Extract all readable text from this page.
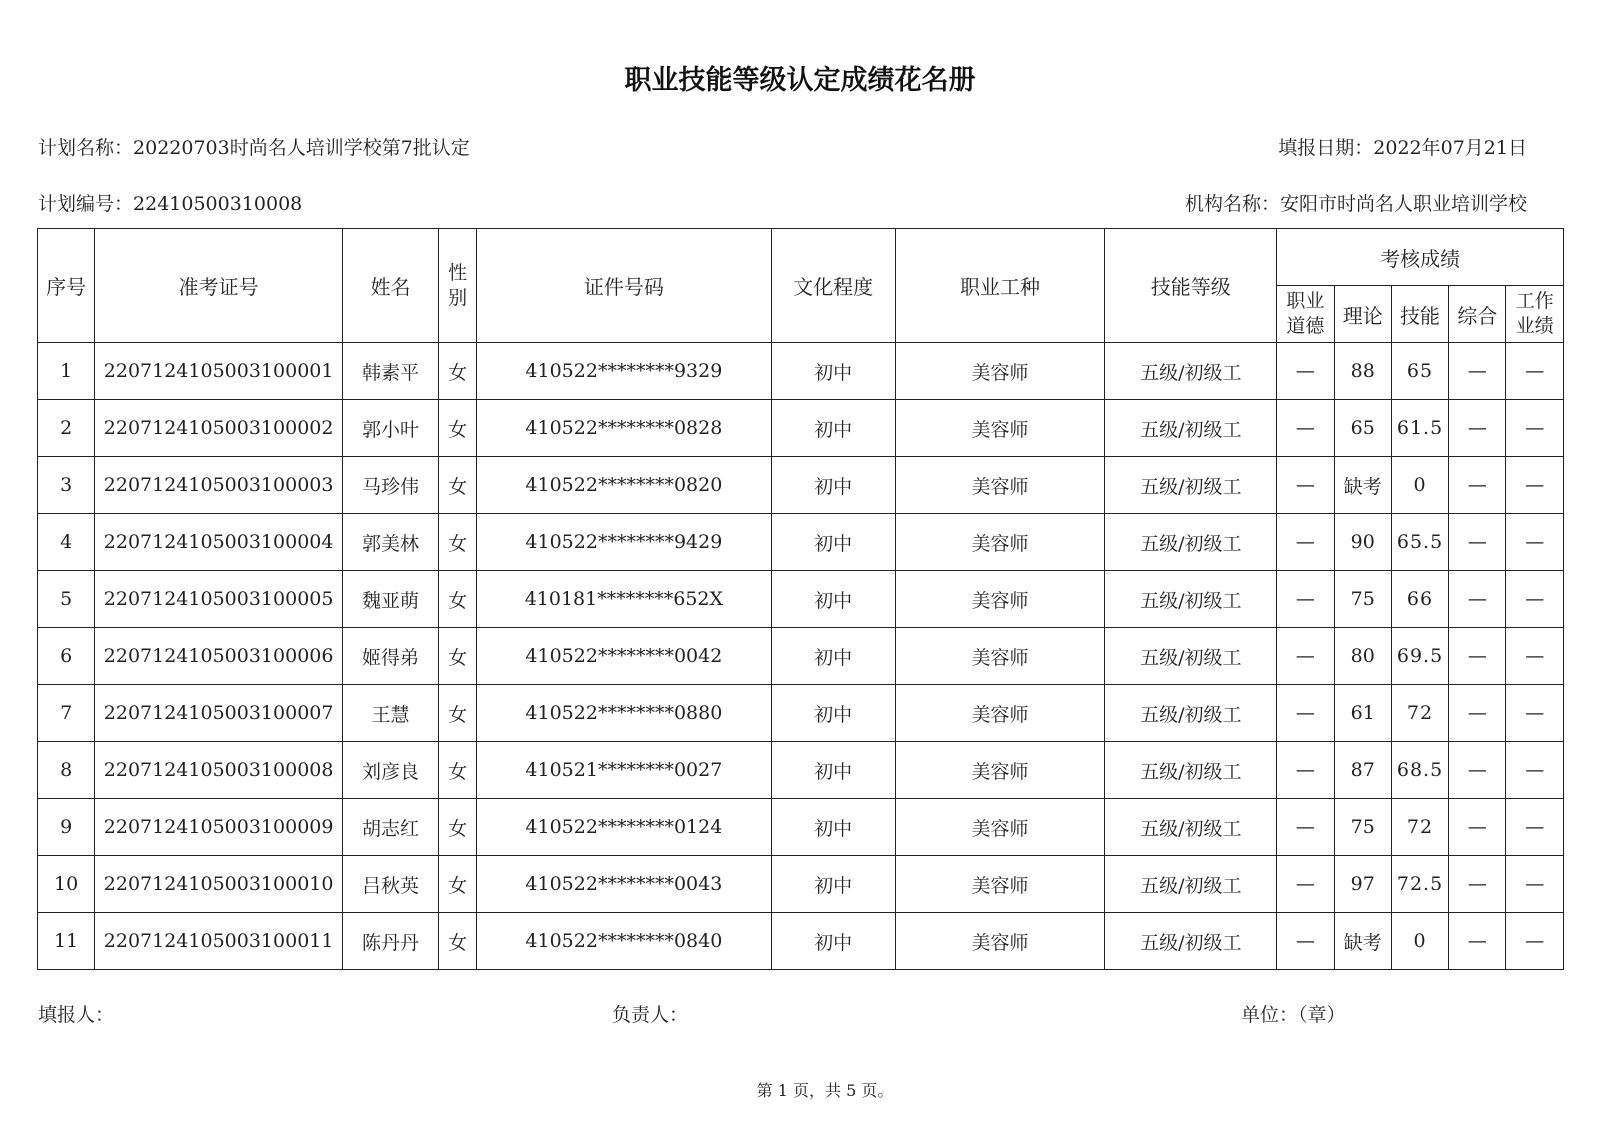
职业技能等级认定成绩花名册
计划名称：20220703时尚名人培训学校第7批认定	填报日期：2022年07月21日
计划编号：22410500310008	机构名称：安阳市时尚名人职业培训学校
序号	准考证号	姓名	性别	证件号码	文化程度	职业工种	技能等级	考核成绩				
								职业道德	理论	技能	综合	工作业绩
1	2207124105003100001	韩素平	女	410522********9329	初中	美容师	五级/初级工	—	88	65	—	—
2	2207124105003100002	郭小叶	女	410522********0828	初中	美容师	五级/初级工	—	65	61.5	—	—
3	2207124105003100003	马珍伟	女	410522********0820	初中	美容师	五级/初级工	—	缺考	0	—	—
4	2207124105003100004	郭美林	女	410522********9429	初中	美容师	五级/初级工	—	90	65.5	—	—
5	2207124105003100005	魏亚萌	女	410181********652X	初中	美容师	五级/初级工	—	75	66	—	—
6	2207124105003100006	姬得弟	女	410522********0042	初中	美容师	五级/初级工	—	80	69.5	—	—
7	2207124105003100007	王慧	女	410522********0880	初中	美容师	五级/初级工	—	61	72	—	—
8	2207124105003100008	刘彦良	女	410521********0027	初中	美容师	五级/初级工	—	87	68.5	—	—
9	2207124105003100009	胡志红	女	410522********0124	初中	美容师	五级/初级工	—	75	72	—	—
10	2207124105003100010	吕秋英	女	410522********0043	初中	美容师	五级/初级工	—	97	72.5	—	—
11	2207124105003100011	陈丹丹	女	410522********0840	初中	美容师	五级/初级工	—	缺考	0	—	—
填报人：	负责人：	单位：（章）
第 1 页，共 5 页。
